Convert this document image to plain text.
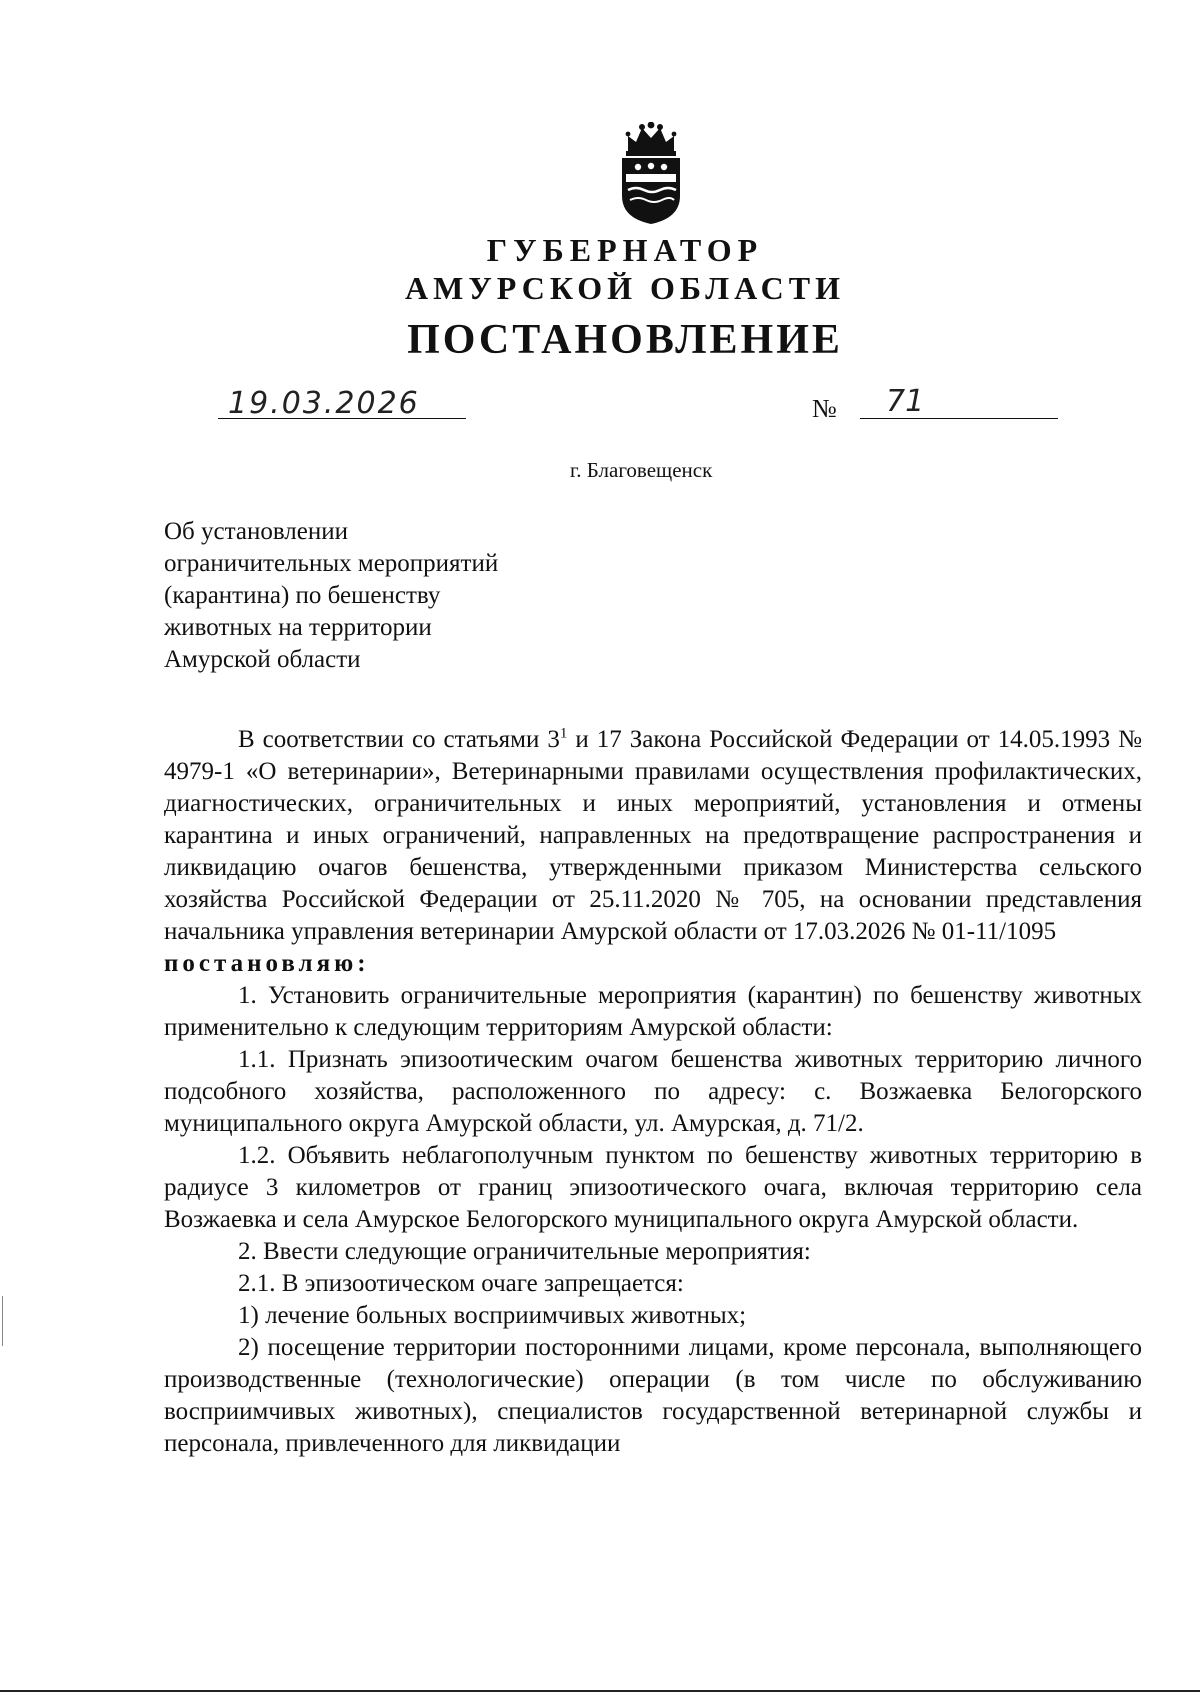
ГУБЕРНАТОР
АМУРСКОЙ ОБЛАСТИ
ПОСТАНОВЛЕНИЕ
19.03.2026	№ 71
г. Благовещенск
Об установлении
ограничительных мероприятий
(карантина) по бешенству
животных на территории
Амурской области

В соответствии со статьями $3^1$ и 17 Закона Российской Федерации от 14.05.1993 № 4979-1 «О ветеринарии», Ветеринарными правилами осуществления профилактических, диагностических, ограничительных и иных мероприятий, установления и отмены карантина и иных ограничений, направленных на предотвращение распространения и ликвидацию очагов бешенства, утвержденными приказом Министерства сельского хозяйства Российской Федерации от 25.11.2020 № 705, на основании представления начальника управления ветеринарии Амурской области от 17.03.2026 № 01-11/1095

постановляю:

1. Установить ограничительные мероприятия (карантин) по бешенству животных применительно к следующим территориям Амурской области:

1.1. Признать эпизоотическим очагом бешенства животных территорию личного подсобного хозяйства, расположенного по адресу: с. Возжаевка Белогорского муниципального округа Амурской области, ул. Амурская, д. 71/2.

1.2. Объявить неблагополучным пунктом по бешенству животных территорию в радиусе 3 километров от границ эпизоотического очага, включая территорию села Возжаевка и села Амурское Белогорского муниципального округа Амурской области.

2. Ввести следующие ограничительные мероприятия:

2.1. В эпизоотическом очаге запрещается:

1) лечение больных восприимчивых животных;

2) посещение территории посторонними лицами, кроме персонала, выполняющего производственные (технологические) операции (в том числе по обслуживанию восприимчивых животных), специалистов государственной ветеринарной службы и персонала, привлеченного для ликвидации
